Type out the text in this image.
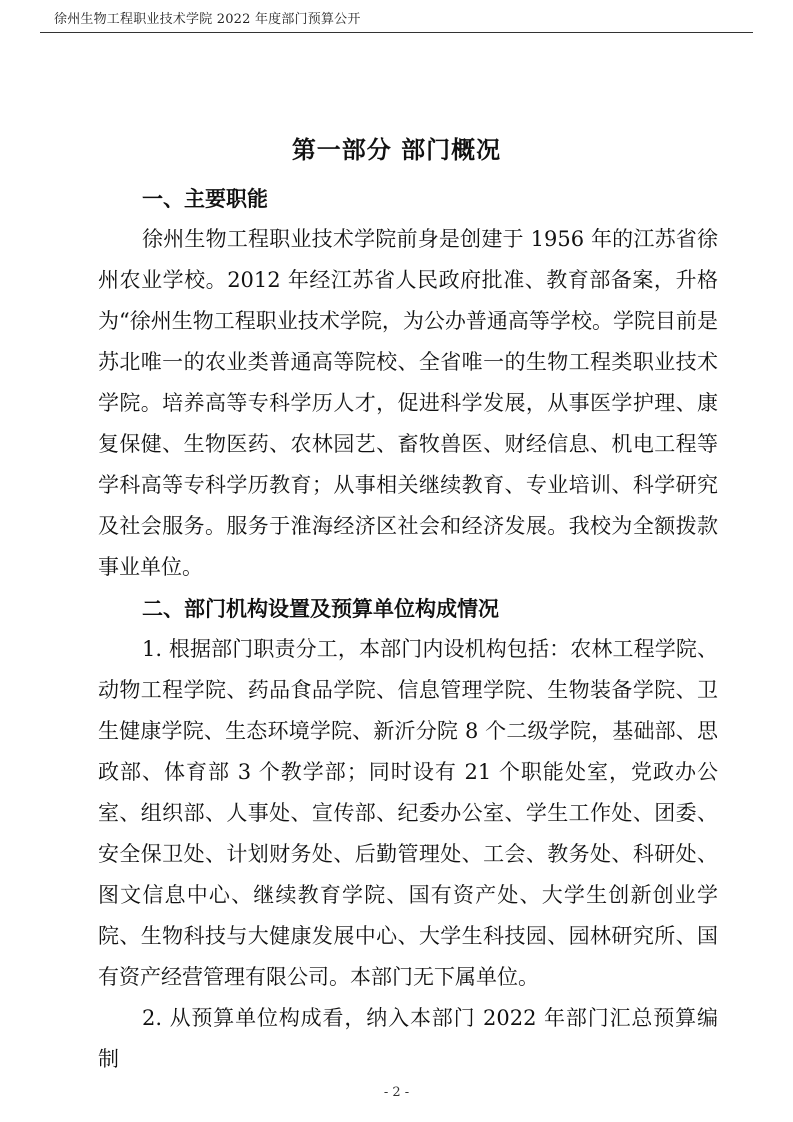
徐州生物工程职业技术学院 2022 年度部门预算公开
第一部分 部门概况

一、主要职能

徐州生物工程职业技术学院前身是创建于 1956 年的江苏省徐州农业学校。2012 年经江苏省人民政府批准、教育部备案，升格为“徐州生物工程职业技术学院，为公办普通高等学校。学院目前是苏北唯一的农业类普通高等院校、全省唯一的生物工程类职业技术学院。培养高等专科学历人才，促进科学发展，从事医学护理、康复保健、生物医药、农林园艺、畜牧兽医、财经信息、机电工程等学科高等专科学历教育；从事相关继续教育、专业培训、科学研究及社会服务。服务于淮海经济区社会和经济发展。我校为全额拨款事业单位。

二、部门机构设置及预算单位构成情况

1. 根据部门职责分工，本部门内设机构包括：农林工程学院、动物工程学院、药品食品学院、信息管理学院、生物装备学院、卫生健康学院、生态环境学院、新沂分院 8 个二级学院，基础部、思政部、体育部 3 个教学部；同时设有 21 个职能处室，党政办公室、组织部、人事处、宣传部、纪委办公室、学生工作处、团委、安全保卫处、计划财务处、后勤管理处、工会、教务处、科研处、图文信息中心、继续教育学院、国有资产处、大学生创新创业学院、生物科技与大健康发展中心、大学生科技园、园林研究所、国有资产经营管理有限公司。本部门无下属单位。

2. 从预算单位构成看，纳入本部门 2022 年部门汇总预算编制

- 2 -
